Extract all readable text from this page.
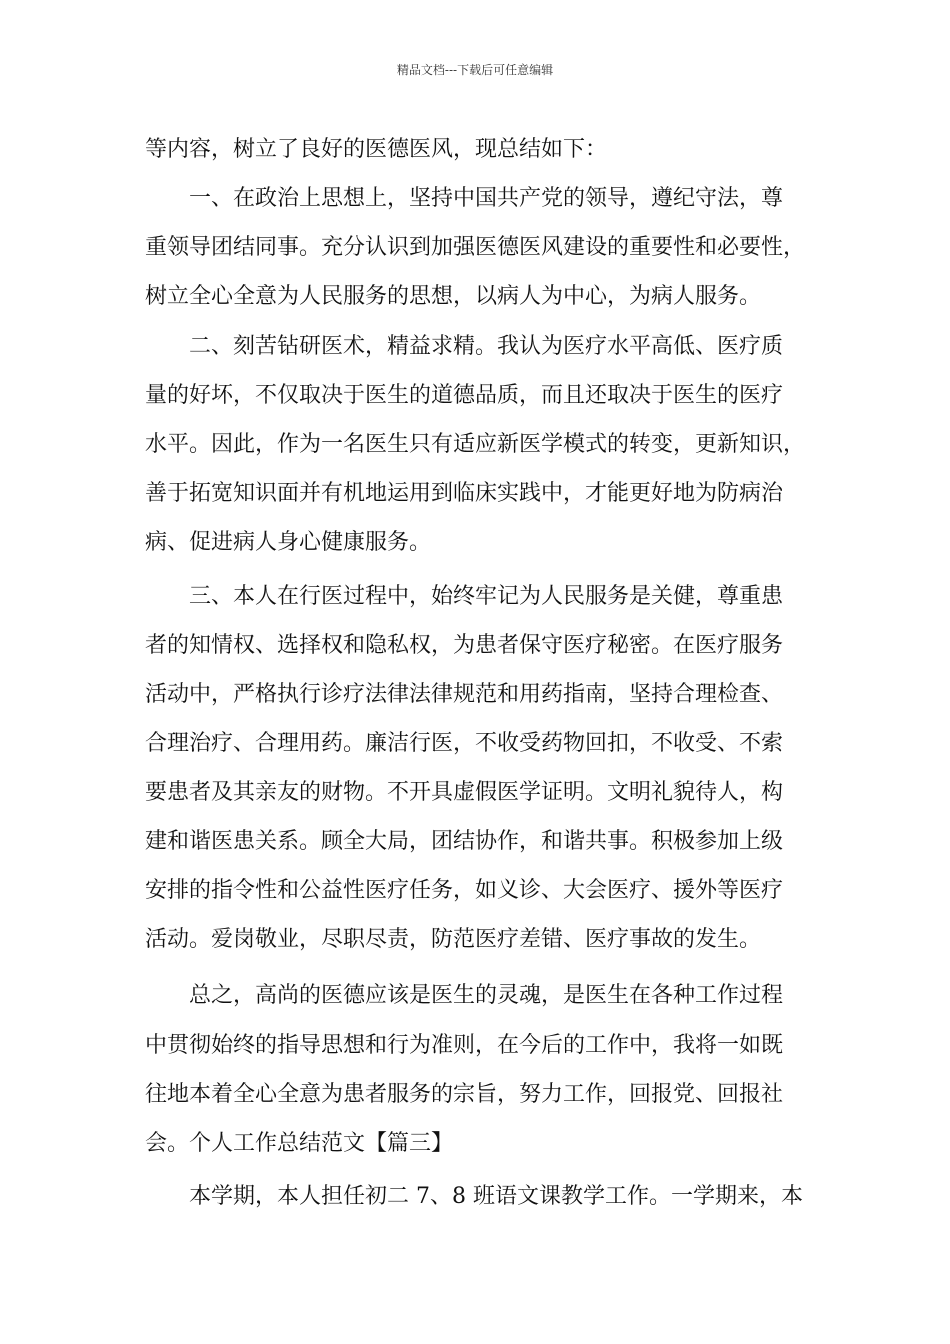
精品文档---下载后可任意编辑
等内容，树立了良好的医德医风，现总结如下：
　　一、在政治上思想上，坚持中国共产党的领导，遵纪守法，尊
重领导团结同事。充分认识到加强医德医风建设的重要性和必要性，
树立全心全意为人民服务的思想，以病人为中心，为病人服务。
　　二、刻苦钻研医术，精益求精。我认为医疗水平高低、医疗质
量的好坏，不仅取决于医生的道德品质，而且还取决于医生的医疗
水平。因此，作为一名医生只有适应新医学模式的转变，更新知识，
善于拓宽知识面并有机地运用到临床实践中，才能更好地为防病治
病、促进病人身心健康服务。
　　三、本人在行医过程中，始终牢记为人民服务是关健，尊重患
者的知情权、选择权和隐私权，为患者保守医疗秘密。在医疗服务
活动中，严格执行诊疗法律法律规范和用药指南，坚持合理检查、
合理治疗、合理用药。廉洁行医，不收受药物回扣，不收受、不索
要患者及其亲友的财物。不开具虚假医学证明。文明礼貌待人，构
建和谐医患关系。顾全大局，团结协作，和谐共事。积极参加上级
安排的指令性和公益性医疗任务，如义诊、大会医疗、援外等医疗
活动。爱岗敬业，尽职尽责，防范医疗差错、医疗事故的发生。
　　总之，高尚的医德应该是医生的灵魂，是医生在各种工作过程
中贯彻始终的指导思想和行为准则，在今后的工作中，我将一如既
往地本着全心全意为患者服务的宗旨，努力工作，回报党、回报社
会。个人工作总结范文【篇三】
　　本学期，本人担任初二 7、8 班语文课教学工作。一学期来，本
